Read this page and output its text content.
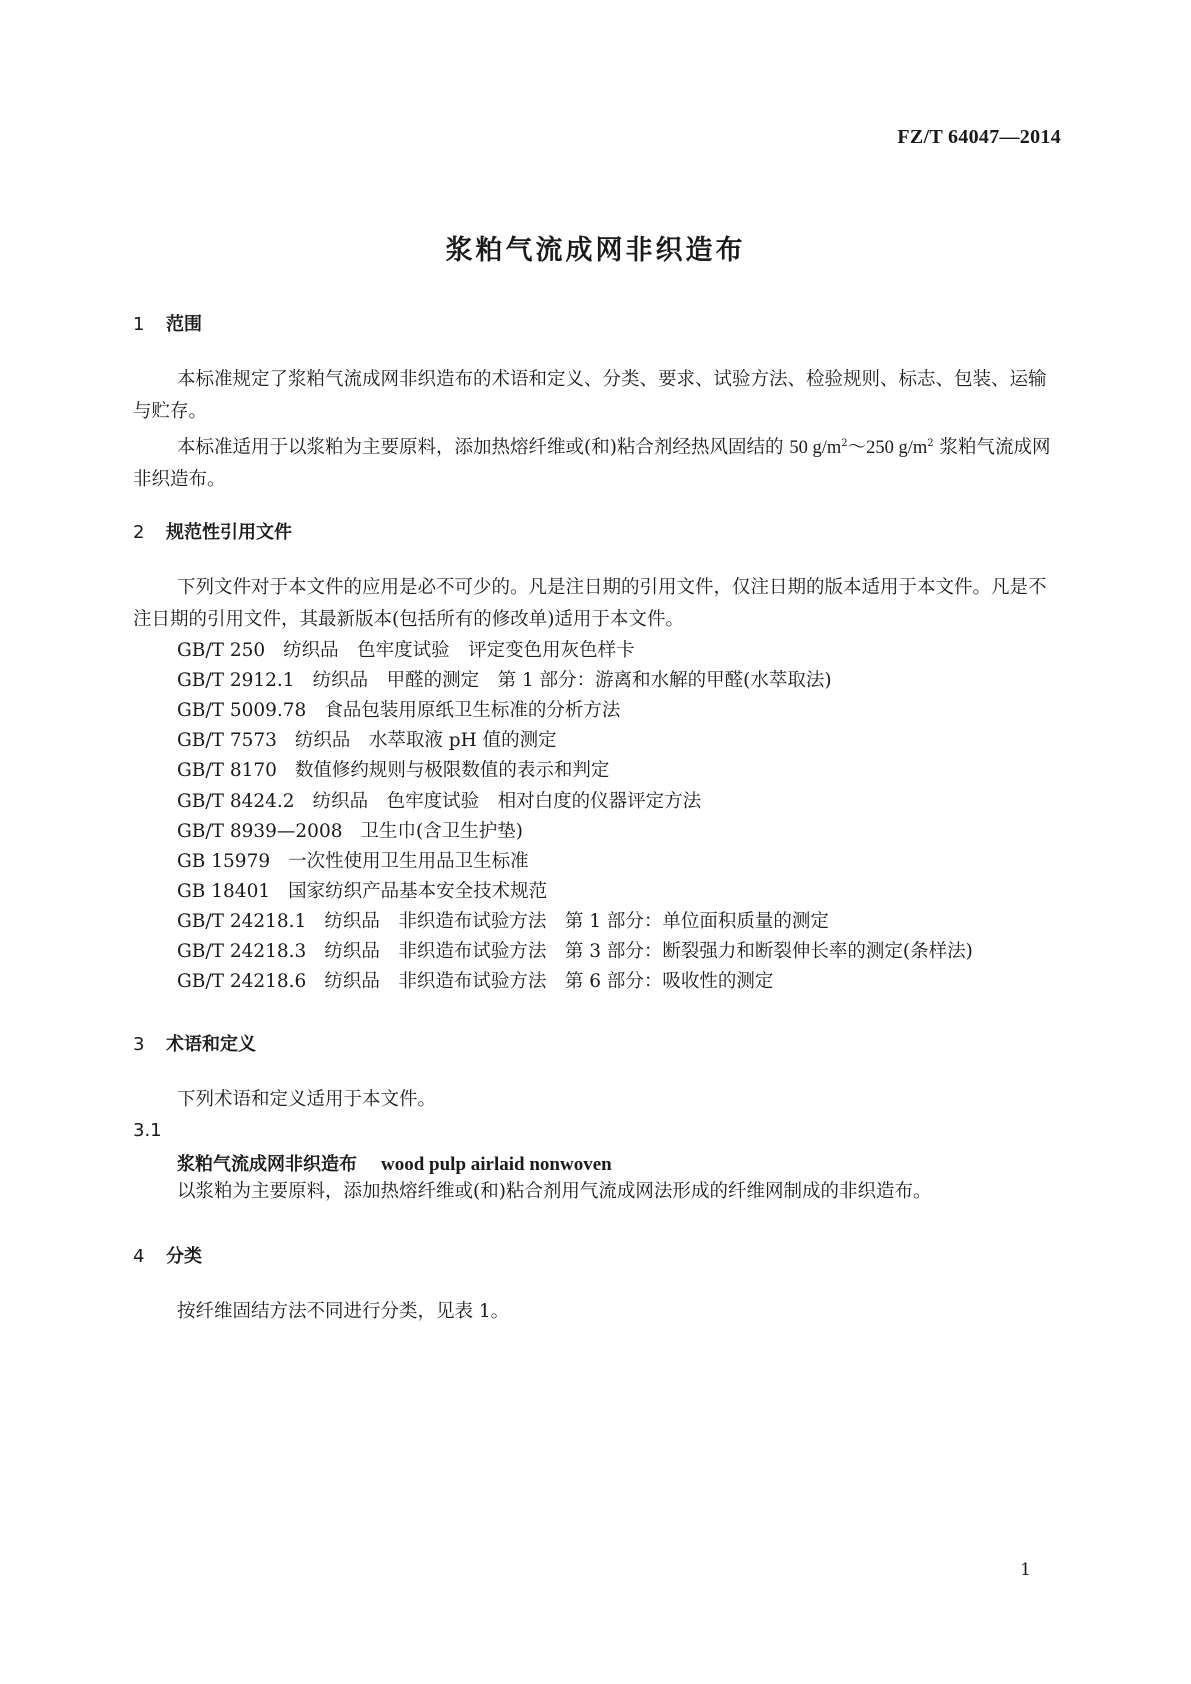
FZ/T 64047—2014
浆粕气流成网非织造布
1 范围
本标准规定了浆粕气流成网非织造布的术语和定义、分类、要求、试验方法、检验规则、标志、包装、运输与贮存。
本标准适用于以浆粕为主要原料，添加热熔纤维或(和)粘合剂经热风固结的 50 $g/m^2\sim 250$ $g/m^2$ 浆粕气流成网非织造布。
2 规范性引用文件
下列文件对于本文件的应用是必不可少的。凡是注日期的引用文件，仅注日期的版本适用于本文件。凡是不注日期的引用文件，其最新版本(包括所有的修改单)适用于本文件。
GB/T 250 纺织品　色牢度试验　评定变色用灰色样卡
GB/T 2912.1 纺织品　甲醛的测定　第 1 部分：游离和水解的甲醛(水萃取法)
GB/T 5009.78 食品包装用原纸卫生标准的分析方法
GB/T 7573 纺织品　水萃取液 pH 值的测定
GB/T 8170 数值修约规则与极限数值的表示和判定
GB/T 8424.2 纺织品　色牢度试验　相对白度的仪器评定方法
GB/T 8939—2008 卫生巾(含卫生护垫)
GB 15979 一次性使用卫生用品卫生标准
GB 18401 国家纺织产品基本安全技术规范
GB/T 24218.1 纺织品　非织造布试验方法　第 1 部分：单位面积质量的测定
GB/T 24218.3 纺织品　非织造布试验方法　第 3 部分：断裂强力和断裂伸长率的测定(条样法)
GB/T 24218.6 纺织品　非织造布试验方法　第 6 部分：吸收性的测定
3 术语和定义
下列术语和定义适用于本文件。
3.1
浆粕气流成网非织造布 wood pulp airlaid nonwoven
以浆粕为主要原料，添加热熔纤维或(和)粘合剂用气流成网法形成的纤维网制成的非织造布。
4 分类
按纤维固结方法不同进行分类，见表 1。
1
